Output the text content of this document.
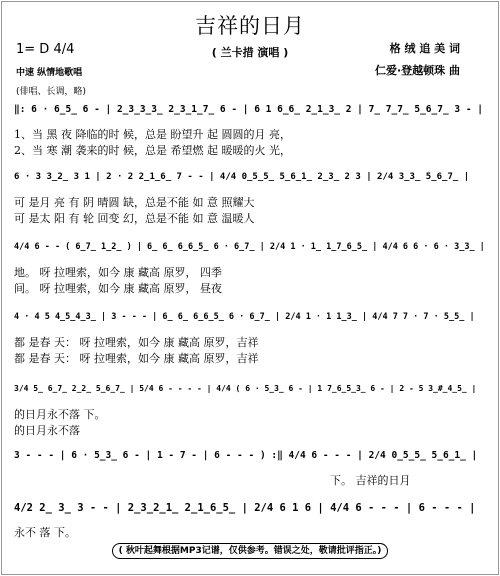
吉祥的日月
( 兰卡措 演唱 )
1= D 4/4
中速 纵情地歌唱
格 绒 追 美 词
仁爱·登越顿珠 曲
(俳唱、长调，略)
‖: 6 · 6̲5̲ 6 - | 2̲3̲3̲3̲ 2̲3̲1̲7̲ 6 - | 6 1 6̲6̲ 2̲1̲3̲ 2 | 7̲ 7̲7̲ 5̲6̲7̲ 3 - |
1、当 黑 夜 降临的时 候，总是 盼望升 起 圆圆的月 亮，
2、当 寒 潮 袭来的时 候，总是 希望燃 起 暖暖的火 光，
6 · 3 3̲2̲ 3 1 | 2 · 2 2̲1̲6̲ 7 - - | 4/4 0̲5̲5̲ 5̲6̲1̲ 2̲3̲ 2 3 | 2/4 3̲3̲ 5̲6̲7̲ |
可 是月 亮 有 阴 晴圆 缺，总是不能 如 意 照耀大
可 是太 阳 有 轮 回变 幻，总是不能 如 意 温暖人
4/4 6 - - ( 6̲7̲ 1̲2̲ ) | 6̲ 6̲ 6̲6̲5̲ 6 · 6̲7̲ | 2/4 1 · 1̲ 1̲7̲6̲5̲ | 4/4 6 6 · 6 · 3̲3̲ |
地。 呀 拉哩索，如今 康 藏高 原罗， 四季
间。 呀 拉哩索，如今 康 藏高 原罗， 昼夜
4 · 4 5 4̲5̲4̲3̲ | 3 - - - | 6̲ 6̲ 6̲6̲5̲ 6 · 6̲7̲ | 2/4 1 · 1 1̲3̲ | 4/4 7 7 · 7 · 5̲5̲ |
都 是春 天： 呀 拉哩索，如今 康 藏高 原罗，吉祥
都 是春 天： 呀 拉哩索，如今 康 藏高 原罗，吉祥
3/4 5̲ 6̲7̲ 2̲2̲ 5̲6̲7̲ | 5/4 6 - - - - | 4/4 ( 6 · 5̲3̲ 6 - | 1 7̲6̲5̲3̲ 6 - | 2 - 5 3̲#̲4̲5̲ |
的日月永不落 下。
的日月永不落
3 - - - | 6 · 5̲3̲ 6 - | 1 - 7 - | 6 - - - ) :‖ 4/4 6 - - - | 2/4 0̲5̲5̲ 5̲6̲1̲ |
下。 吉祥的日月
4/2 2̲ 3̲ 3 - - | 2̲3̲2̲1̲ 2̲1̲6̲5̲ | 2/4 6 1 6 | 4/4 6 - - - | 6 - - - |
永不 落 下。
( 秋叶起舞根据MP3记谱，仅供参考。错误之处，敬请批评指正。)
